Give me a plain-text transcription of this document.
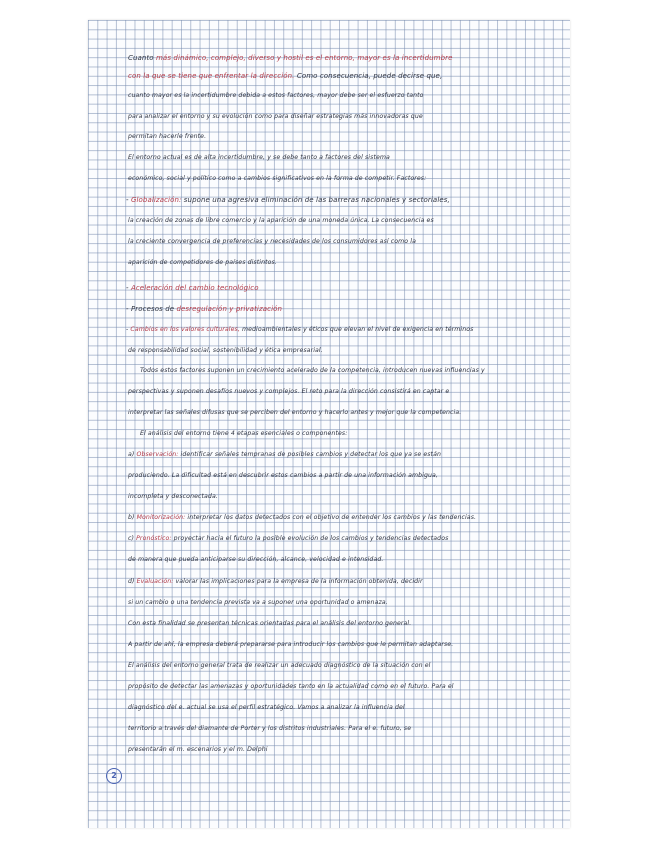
Cuanto más dinámico, complejo, diverso y hostil es el entorno, mayor es la incertidumbre
con la que se tiene que enfrentar la dirección. Como consecuencia, puede decirse que,
cuanto mayor es la incertidumbre debida a estos factores, mayor debe ser el esfuerzo tanto
para analizar el entorno y su evolución como para diseñar estrategias más innovadoras que
permitan hacerle frente.
El entorno actual es de alta incertidumbre, y se debe tanto a factores del sistema
económico, social y político como a cambios significativos en la forma de competir. Factores:
- Globalización: supone una agresiva eliminación de las barreras nacionales y sectoriales,
la creación de zonas de libre comercio y la aparición de una moneda única. La consecuencia es
la creciente convergencia de preferencias y necesidades de los consumidores así como la
aparición de competidores de países distintos.
- Aceleración del cambio tecnológico
- Procesos de desregulación y privatización
- Cambios en los valores culturales, medioambientales y éticos que elevan el nivel de exigencia en términos
de responsabilidad social, sostenibilidad y ética empresarial.
Todos estos factores suponen un crecimiento acelerado de la competencia, introducen nuevas influencias y
perspectivas y suponen desafíos nuevos y complejos. El reto para la dirección consistirá en captar e
interpretar las señales difusas que se perciben del entorno y hacerlo antes y mejor que la competencia.
El análisis del entorno tiene 4 etapas esenciales o componentes:
a) Observación: identificar señales tempranas de posibles cambios y detectar los que ya se están
produciendo. La dificultad está en descubrir estos cambios a partir de una información ambigua,
incompleta y desconectada.
b) Monitorización: interpretar los datos detectados con el objetivo de entender los cambios y las tendencias.
c) Pronóstico: proyectar hacia el futuro la posible evolución de los cambios y tendencias detectados
de manera que pueda anticiparse su dirección, alcance, velocidad e intensidad.
d) Evaluación: valorar las implicaciones para la empresa de la información obtenida, decidir
si un cambio o una tendencia prevista va a suponer una oportunidad o amenaza.
Con esta finalidad se presentan técnicas orientadas para el análisis del entorno general.
A partir de ahí, la empresa deberá prepararse para introducir los cambios que le permitan adaptarse.
El análisis del entorno general trata de realizar un adecuado diagnóstico de la situación con el
propósito de detectar las amenazas y oportunidades tanto en la actualidad como en el futuro. Para el
diagnóstico del e. actual se usa el perfil estratégico. Vamos a analizar la influencia del
territorio a través del diamante de Porter y los distritos industriales. Para el e. futuro, se
presentarán el m. escenarios y el m. Delphi
2
